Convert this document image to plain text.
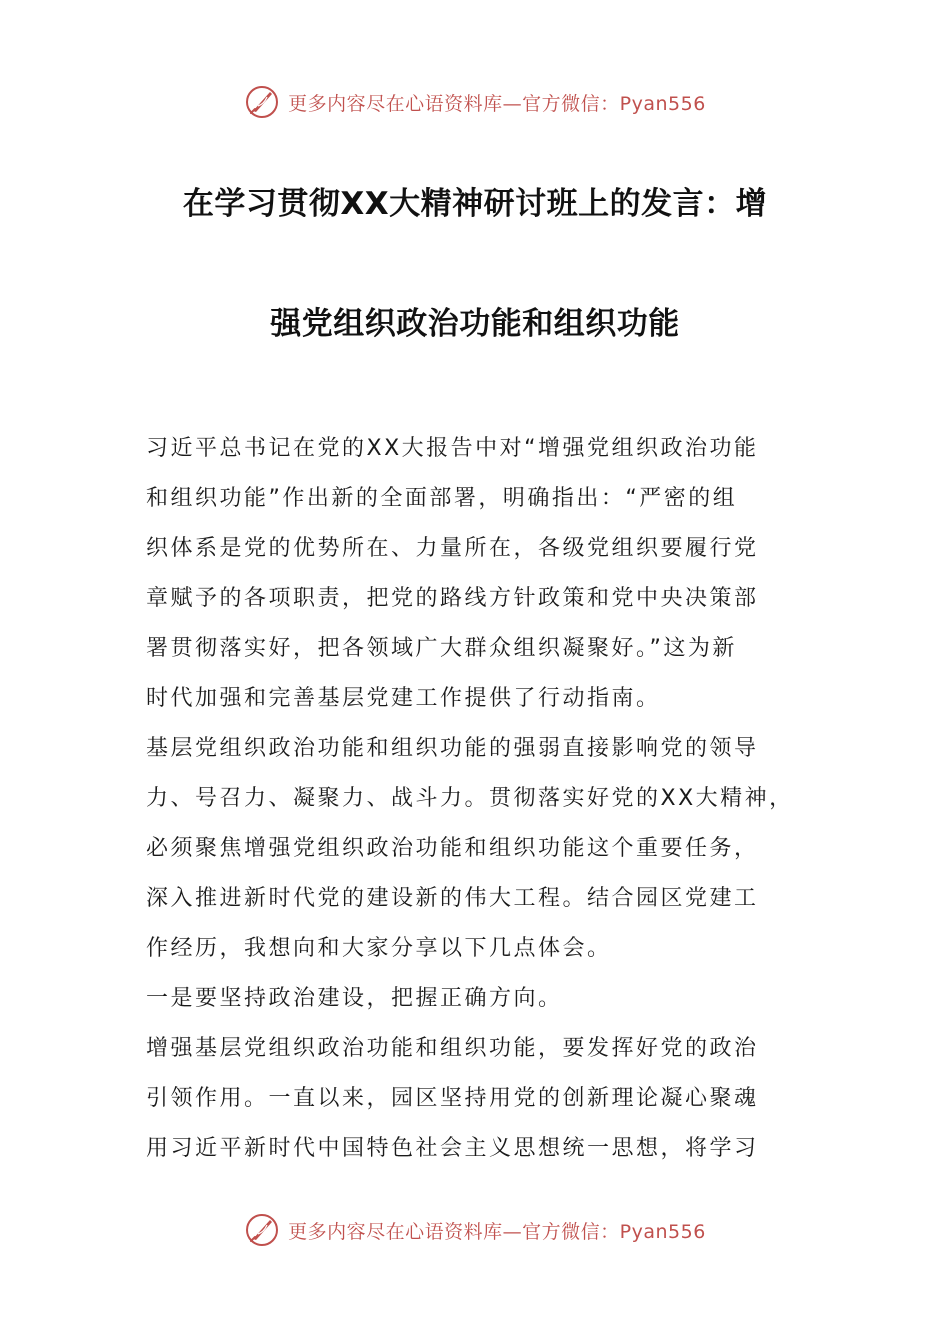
更多内容尽在心语资料库—官方微信：Pyan556
在学习贯彻XX大精神研讨班上的发言：增
强党组织政治功能和组织功能
习近平总书记在党的XX大报告中对“增强党组织政治功能
和组织功能”作出新的全面部署，明确指出：“严密的组
织体系是党的优势所在、力量所在，各级党组织要履行党
章赋予的各项职责，把党的路线方针政策和党中央决策部
署贯彻落实好，把各领域广大群众组织凝聚好。”这为新
时代加强和完善基层党建工作提供了行动指南。
基层党组织政治功能和组织功能的强弱直接影响党的领导
力、号召力、凝聚力、战斗力。贯彻落实好党的XX大精神，
必须聚焦增强党组织政治功能和组织功能这个重要任务，
深入推进新时代党的建设新的伟大工程。结合园区党建工
作经历，我想向和大家分享以下几点体会。
一是要坚持政治建设，把握正确方向。
增强基层党组织政治功能和组织功能，要发挥好党的政治
引领作用。一直以来，园区坚持用党的创新理论凝心聚魂
用习近平新时代中国特色社会主义思想统一思想，将学习
更多内容尽在心语资料库—官方微信：Pyan556
